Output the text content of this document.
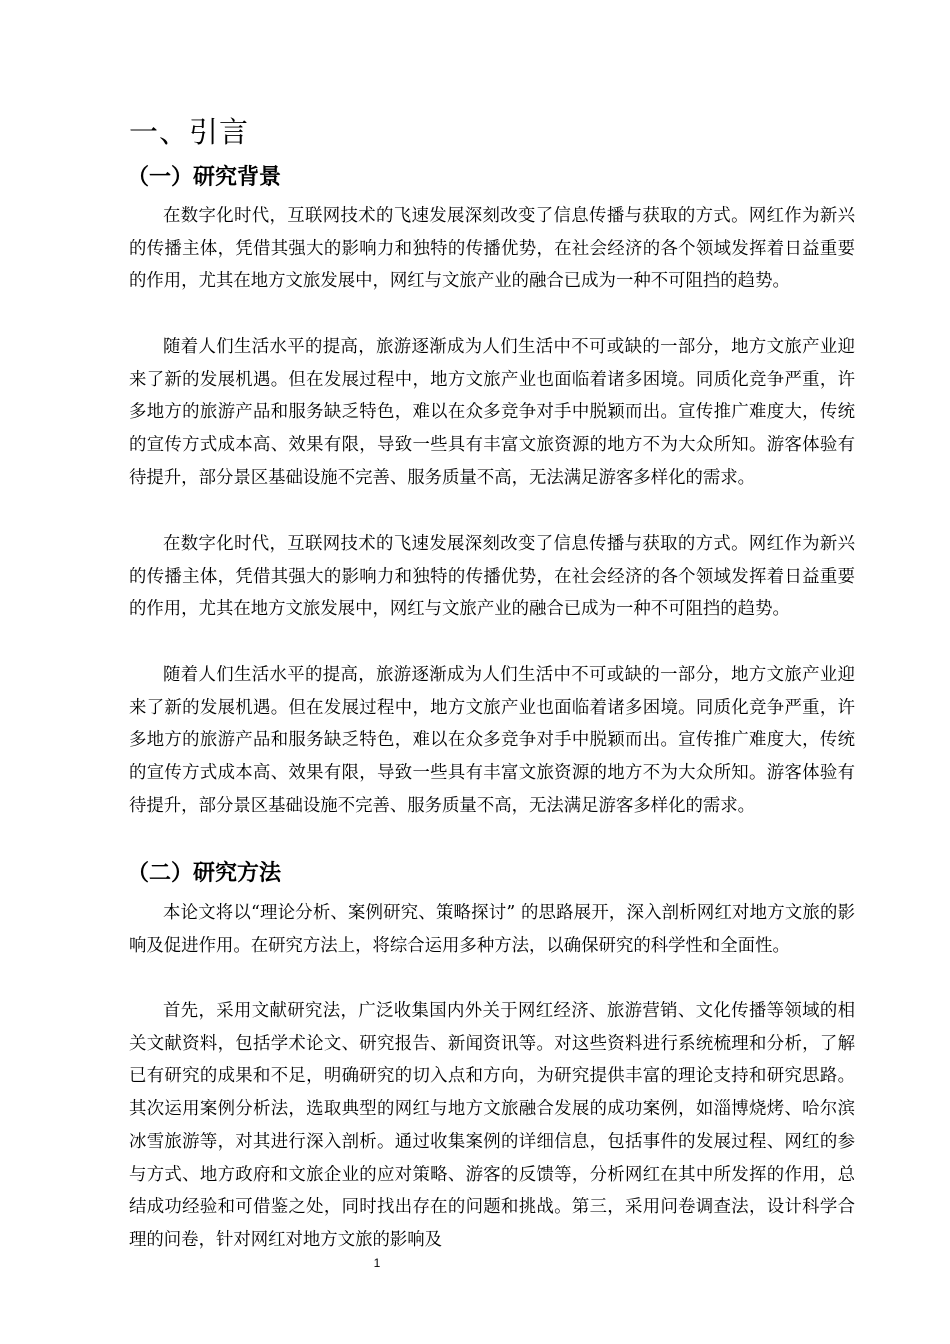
一、引言
（一）研究背景

在数字化时代，互联网技术的飞速发展深刻改变了信息传播与获取的方式。网红作为新兴的传播主体，凭借其强大的影响力和独特的传播优势，在社会经济的各个领域发挥着日益重要的作用，尤其在地方文旅发展中，网红与文旅产业的融合已成为一种不可阻挡的趋势。

随着人们生活水平的提高，旅游逐渐成为人们生活中不可或缺的一部分，地方文旅产业迎来了新的发展机遇。但在发展过程中，地方文旅产业也面临着诸多困境。同质化竞争严重，许多地方的旅游产品和服务缺乏特色，难以在众多竞争对手中脱颖而出。宣传推广难度大，传统的宣传方式成本高、效果有限，导致一些具有丰富文旅资源的地方不为大众所知。游客体验有待提升，部分景区基础设施不完善、服务质量不高，无法满足游客多样化的需求。

在数字化时代，互联网技术的飞速发展深刻改变了信息传播与获取的方式。网红作为新兴的传播主体，凭借其强大的影响力和独特的传播优势，在社会经济的各个领域发挥着日益重要的作用，尤其在地方文旅发展中，网红与文旅产业的融合已成为一种不可阻挡的趋势。

随着人们生活水平的提高，旅游逐渐成为人们生活中不可或缺的一部分，地方文旅产业迎来了新的发展机遇。但在发展过程中，地方文旅产业也面临着诸多困境。同质化竞争严重，许多地方的旅游产品和服务缺乏特色，难以在众多竞争对手中脱颖而出。宣传推广难度大，传统的宣传方式成本高、效果有限，导致一些具有丰富文旅资源的地方不为大众所知。游客体验有待提升，部分景区基础设施不完善、服务质量不高，无法满足游客多样化的需求。

（二）研究方法

本论文将以“理论分析、案例研究、策略探讨” 的思路展开，深入剖析网红对地方文旅的影响及促进作用。在研究方法上，将综合运用多种方法，以确保研究的科学性和全面性。

首先，采用文献研究法，广泛收集国内外关于网红经济、旅游营销、文化传播等领域的相关文献资料，包括学术论文、研究报告、新闻资讯等。对这些资料进行系统梳理和分析，了解已有研究的成果和不足，明确研究的切入点和方向，为研究提供丰富的理论支持和研究思路。其次运用案例分析法，选取典型的网红与地方文旅融合发展的成功案例，如淄博烧烤、哈尔滨冰雪旅游等，对其进行深入剖析。通过收集案例的详细信息，包括事件的发展过程、网红的参与方式、地方政府和文旅企业的应对策略、游客的反馈等，分析网红在其中所发挥的作用，总结成功经验和可借鉴之处，同时找出存在的问题和挑战。第三，采用问卷调查法，设计科学合理的问卷，针对网红对地方文旅的影响及

1
